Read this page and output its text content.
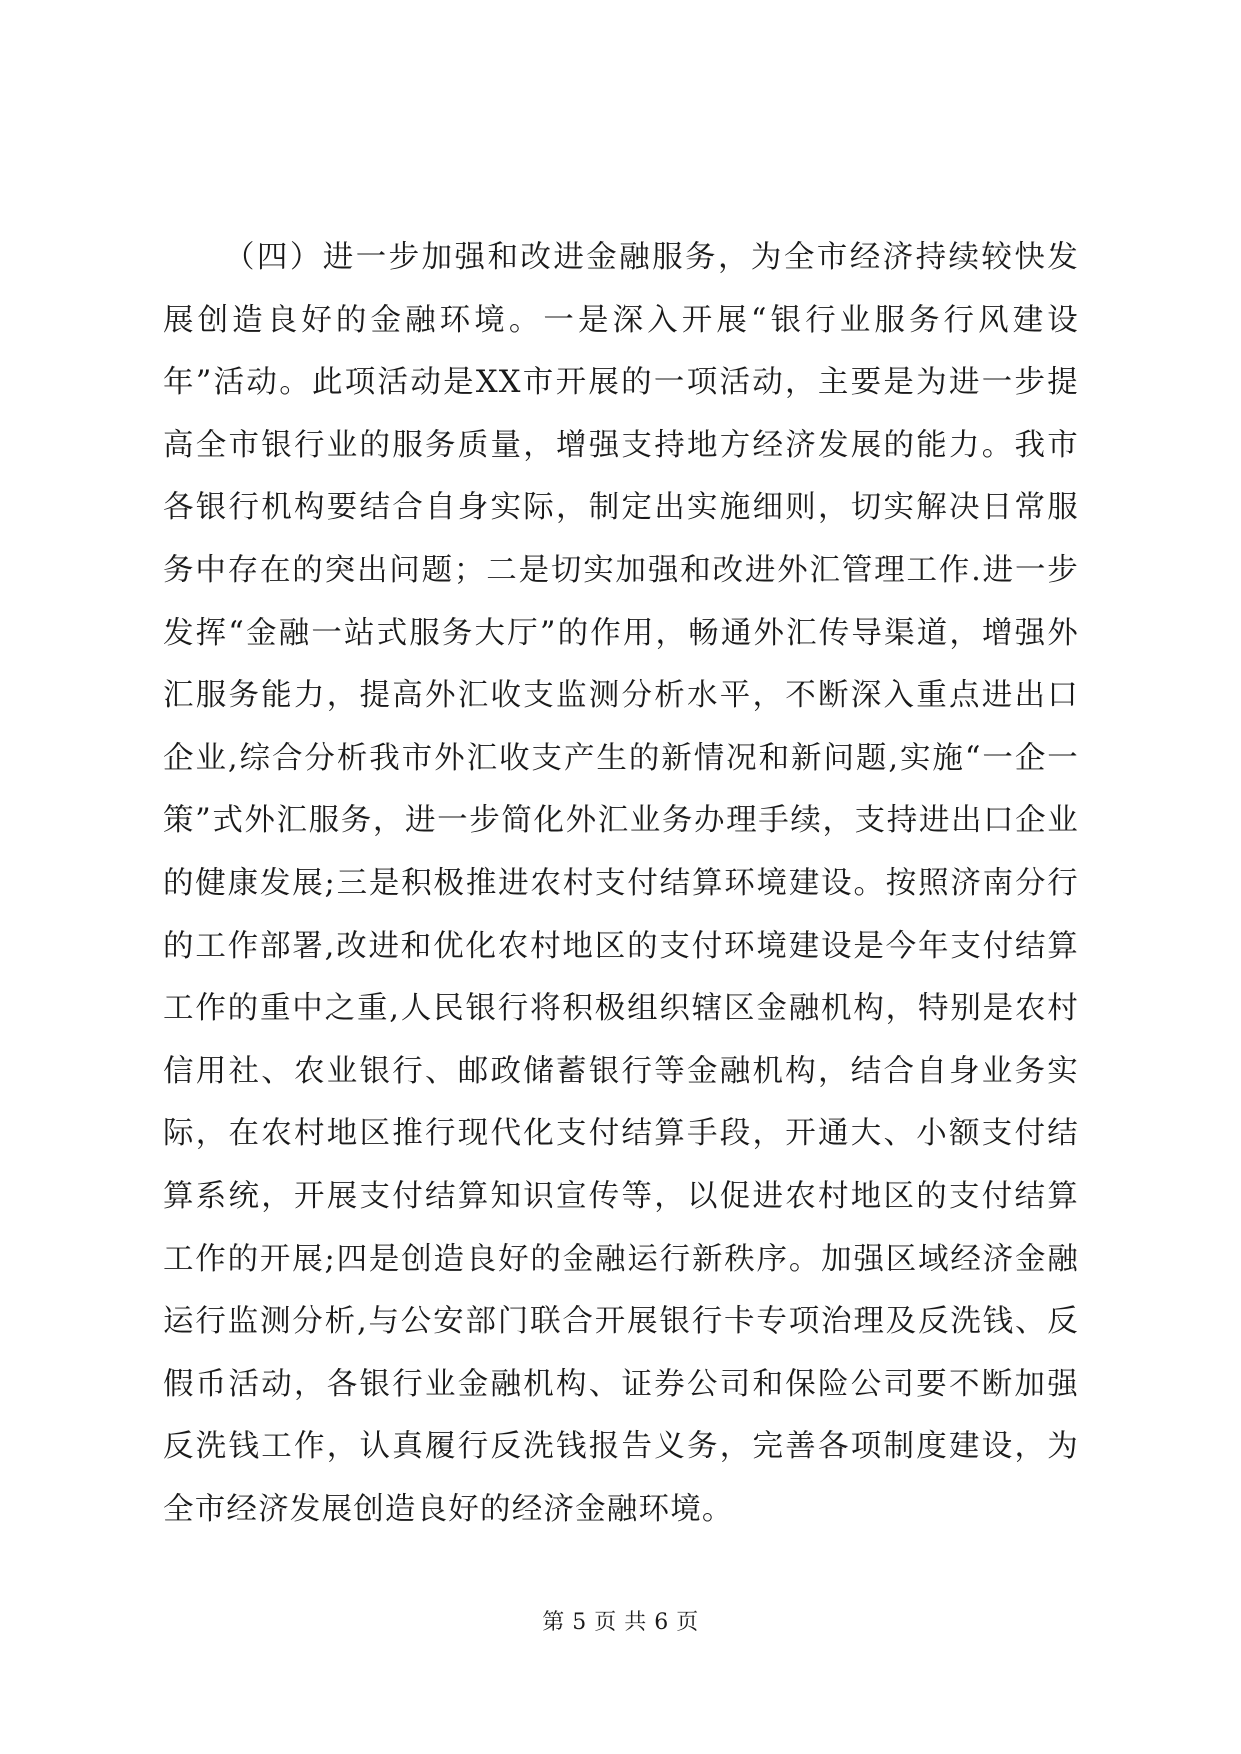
（四）进一步加强和改进金融服务，为全市经济持续较快发展创造良好的金融环境。一是深入开展“银行业服务行风建设年”活动。此项活动是XX市开展的一项活动，主要是为进一步提高全市银行业的服务质量，增强支持地方经济发展的能力。我市各银行机构要结合自身实际，制定出实施细则，切实解决日常服务中存在的突出问题；二是切实加强和改进外汇管理工作.进一步发挥“金融一站式服务大厅”的作用，畅通外汇传导渠道，增强外汇服务能力，提高外汇收支监测分析水平，不断深入重点进出口企业,综合分析我市外汇收支产生的新情况和新问题,实施“一企一策”式外汇服务，进一步简化外汇业务办理手续，支持进出口企业的健康发展;三是积极推进农村支付结算环境建设。按照济南分行的工作部署,改进和优化农村地区的支付环境建设是今年支付结算工作的重中之重,人民银行将积极组织辖区金融机构，特别是农村信用社、农业银行、邮政储蓄银行等金融机构，结合自身业务实际，在农村地区推行现代化支付结算手段，开通大、小额支付结算系统，开展支付结算知识宣传等，以促进农村地区的支付结算工作的开展;四是创造良好的金融运行新秩序。加强区域经济金融运行监测分析,与公安部门联合开展银行卡专项治理及反洗钱、反假币活动，各银行业金融机构、证券公司和保险公司要不断加强反洗钱工作，认真履行反洗钱报告义务，完善各项制度建设，为全市经济发展创造良好的经济金融环境。

第 5 页 共 6 页
